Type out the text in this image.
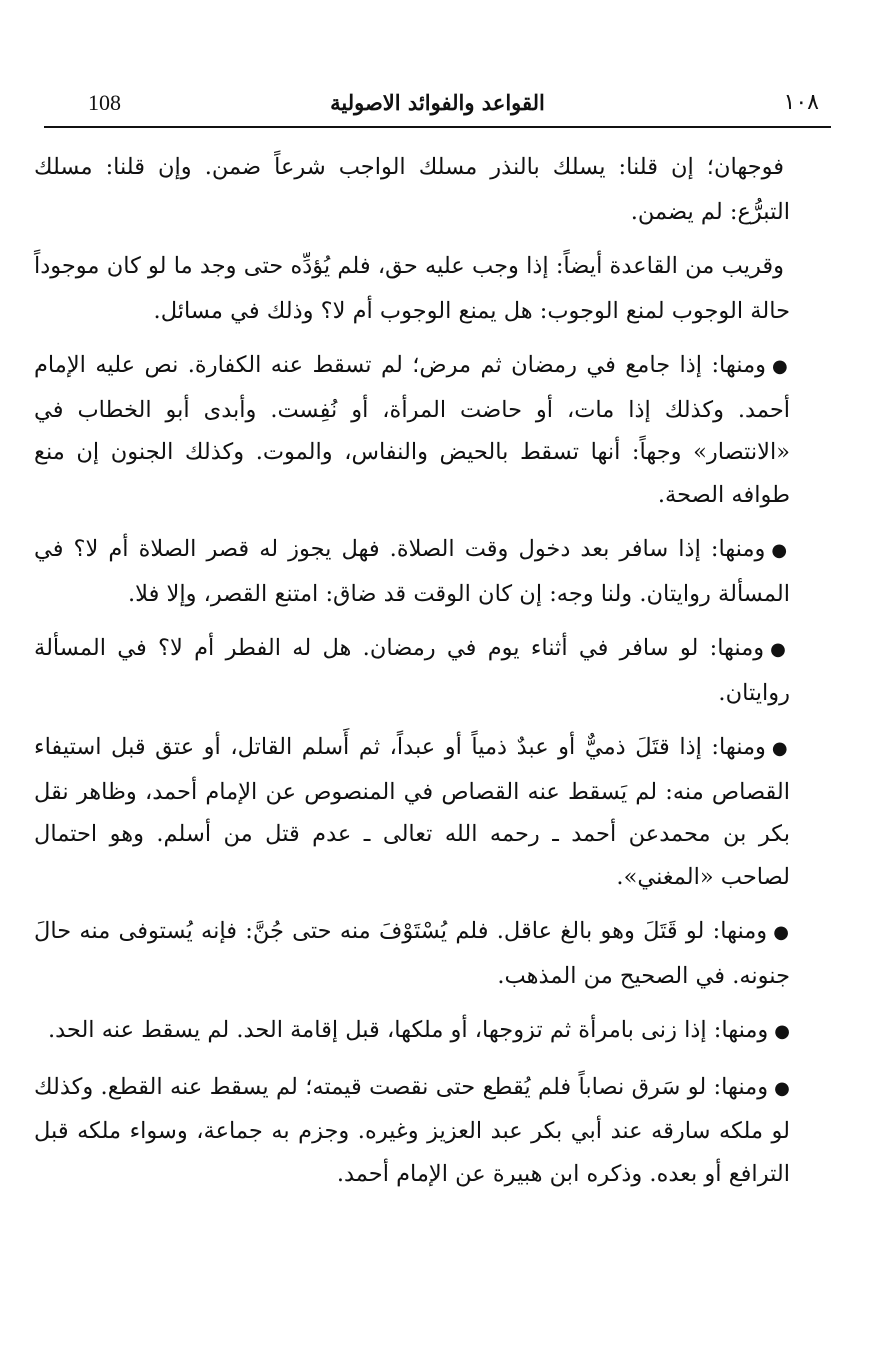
108	القواعد والفوائد الاصولية	١٠٨

فوجهان؛ إن قلنا: يسلك بالنذر مسلك الواجب شرعاً ضمن. وإن قلنا: مسلك التبرُّع: لم يضمن.

وقريب من القاعدة أيضاً: إذا وجب عليه حق، فلم يُؤدِّه حتى وجد ما لو كان موجوداً حالة الوجوب لمنع الوجوب: هل يمنع الوجوب أم لا؟ وذلك في مسائل.

●ومنها: إذا جامع في رمضان ثم مرض؛ لم تسقط عنه الكفارة. نص عليه الإمام أحمد. وكذلك إذا مات، أو حاضت المرأة، أو نُفِست. وأبدى أبو الخطاب في «الانتصار» وجهاً: أنها تسقط بالحيض والنفاس، والموت. وكذلك الجنون إن منع طوافه الصحة.

●ومنها: إذا سافر بعد دخول وقت الصلاة. فهل يجوز له قصر الصلاة أم لا؟ في المسألة روايتان. ولنا وجه: إن كان الوقت قد ضاق: امتنع القصر، وإلا فلا.

●ومنها: لو سافر في أثناء يوم في رمضان. هل له الفطر أم لا؟ في المسألة روايتان.

●ومنها: إذا قتَلَ ذميٌّ أو عبدٌ ذمياً أو عبداً، ثم أَسلم القاتل، أو عتق قبل استيفاء القصاص منه: لم يَسقط عنه القصاص في المنصوص عن الإمام أحمد، وظاهر نقل بكر بن محمدعن أحمد ـ رحمه الله تعالى ـ عدم قتل من أسلم. وهو احتمال لصاحب «المغني».

●ومنها: لو قَتَلَ وهو بالغ عاقل. فلم يُسْتَوْفَ منه حتى جُنَّ: فإنه يُستوفى منه حالَ جنونه. في الصحيح من المذهب.

●ومنها: إذا زنى بامرأة ثم تزوجها، أو ملكها، قبل إقامة الحد. لم يسقط عنه الحد.

●ومنها: لو سَرق نصاباً فلم يُقطع حتى نقصت قيمته؛ لم يسقط عنه القطع. وكذلك لو ملكه سارقه عند أبي بكر عبد العزيز وغيره. وجزم به جماعة، وسواء ملكه قبل الترافع أو بعده. وذكره ابن هبيرة عن الإمام أحمد.
